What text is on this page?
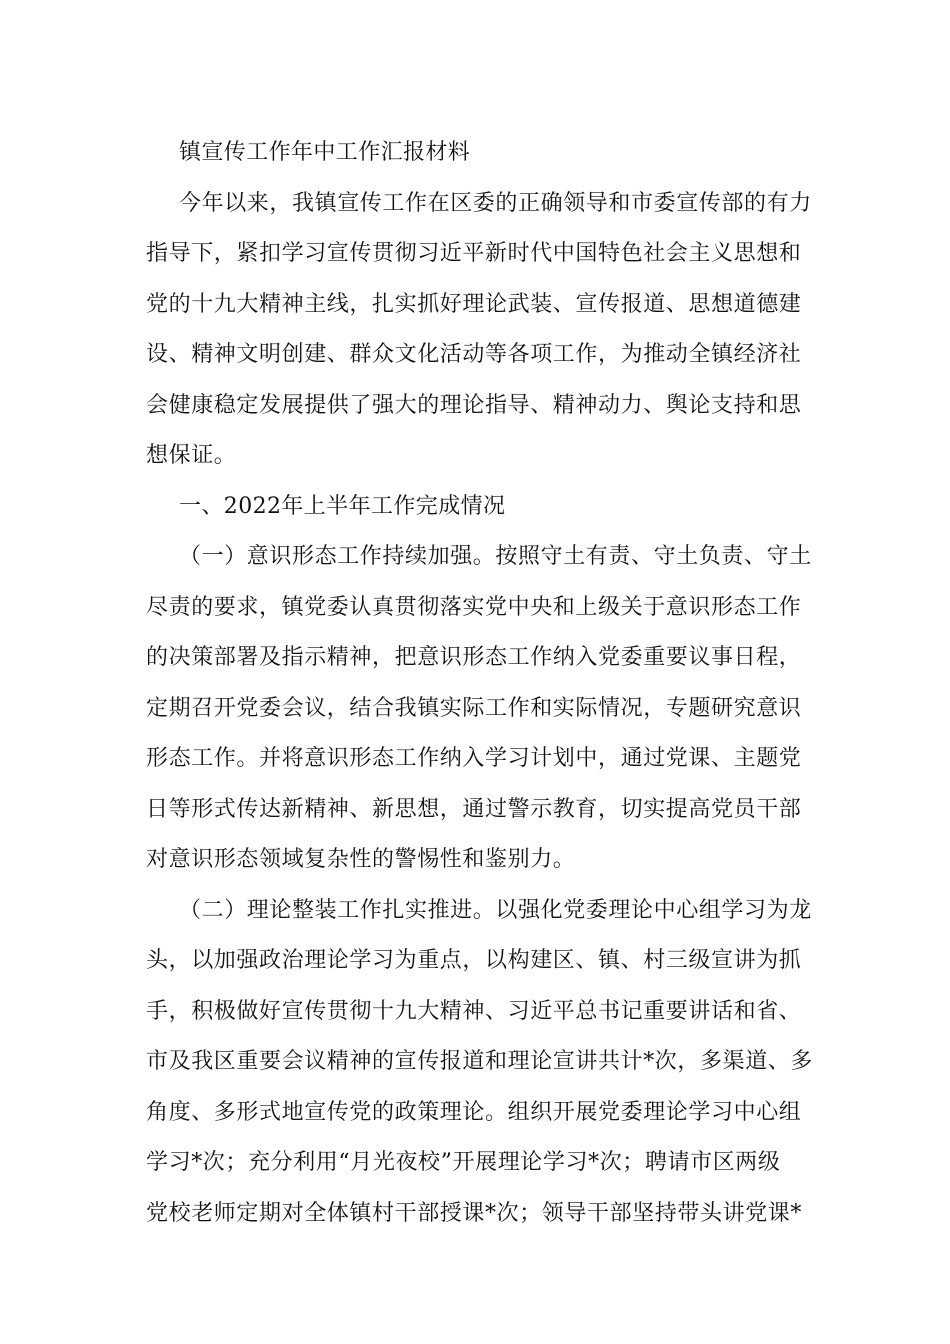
镇宣传工作年中工作汇报材料
今年以来，我镇宣传工作在区委的正确领导和市委宣传部的有力
指导下，紧扣学习宣传贯彻习近平新时代中国特色社会主义思想和
党的十九大精神主线，扎实抓好理论武装、宣传报道、思想道德建
设、精神文明创建、群众文化活动等各项工作，为推动全镇经济社
会健康稳定发展提供了强大的理论指导、精神动力、舆论支持和思
想保证。
一、2022年上半年工作完成情况
（一）意识形态工作持续加强。按照守土有责、守土负责、守土
尽责的要求，镇党委认真贯彻落实党中央和上级关于意识形态工作
的决策部署及指示精神，把意识形态工作纳入党委重要议事日程，
定期召开党委会议，结合我镇实际工作和实际情况，专题研究意识
形态工作。并将意识形态工作纳入学习计划中，通过党课、主题党
日等形式传达新精神、新思想，通过警示教育，切实提高党员干部
对意识形态领域复杂性的警惕性和鉴别力。
（二）理论整装工作扎实推进。以强化党委理论中心组学习为龙
头，以加强政治理论学习为重点，以构建区、镇、村三级宣讲为抓
手，积极做好宣传贯彻十九大精神、习近平总书记重要讲话和省、
市及我区重要会议精神的宣传报道和理论宣讲共计*次，多渠道、多
角度、多形式地宣传党的政策理论。组织开展党委理论学习中心组
学习*次；充分利用“月光夜校”开展理论学习*次；聘请市区两级
党校老师定期对全体镇村干部授课*次；领导干部坚持带头讲党课*
